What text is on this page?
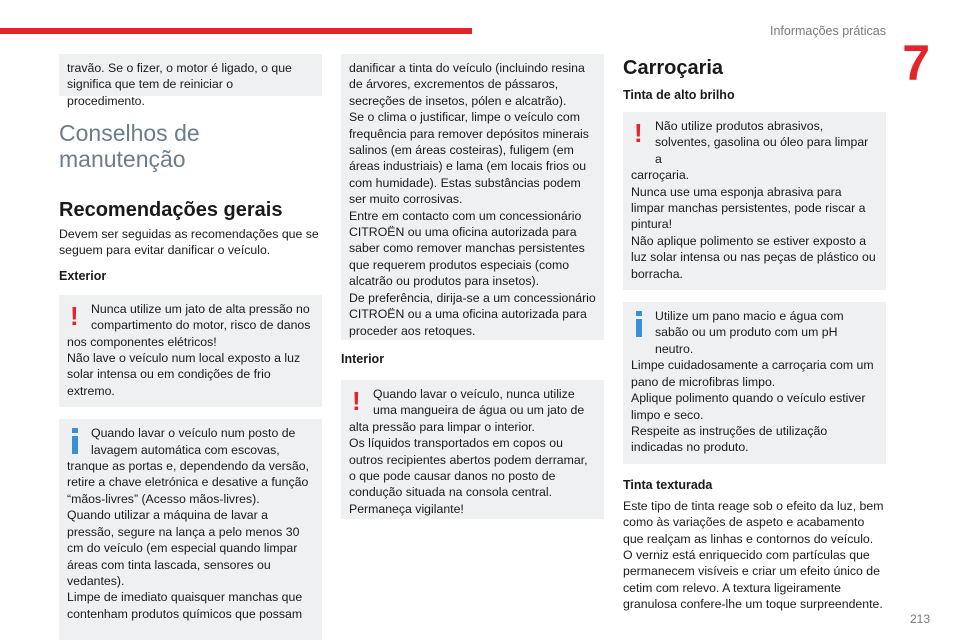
Informações práticas
7
213
travão. Se o fizer, o motor é ligado, o que significa que tem de reiniciar o procedimento.
Conselhos de
manutenção
Recomendações gerais
Devem ser seguidas as recomendações que se seguem para evitar danificar o veículo.
Exterior
!	Nunca utilize um jato de alta pressão no compartimento do motor, risco de danos
nos componentes elétricos!
Não lave o veículo num local exposto a luz solar intensa ou em condições de frio extremo.
Quando lavar o veículo num posto de lavagem automática com escovas,
tranque as portas e, dependendo da versão, retire a chave eletrónica e desative a função “mãos-livres” (Acesso mãos-livres).
Quando utilizar a máquina de lavar a pressão, segure na lança a pelo menos 30 cm do veículo (em especial quando limpar áreas com tinta lascada, sensores ou vedantes).
Limpe de imediato quaisquer manchas que contenham produtos químicos que possam
danificar a tinta do veículo (incluindo resina de árvores, excrementos de pássaros, secreções de insetos, pólen e alcatrão).
Se o clima o justificar, limpe o veículo com frequência para remover depósitos minerais salinos (em áreas costeiras), fuligem (em áreas industriais) e lama (em locais frios ou com humidade). Estas substâncias podem ser muito corrosivas.
Entre em contacto com um concessionário CITROËN ou uma oficina autorizada para saber como remover manchas persistentes que requerem produtos especiais (como alcatrão ou produtos para insetos).
De preferência, dirija-se a um concessionário CITROËN ou a uma oficina autorizada para proceder aos retoques.
Interior
!	Quando lavar o veículo, nunca utilize uma mangueira de água ou um jato de
alta pressão para limpar o interior.
Os líquidos transportados em copos ou outros recipientes abertos podem derramar, o que pode causar danos no posto de condução situada na consola central.
Permaneça vigilante!
Carroçaria
Tinta de alto brilho
!	Não utilize produtos abrasivos, solventes, gasolina ou óleo para limpar a
carroçaria.
Nunca use uma esponja abrasiva para limpar manchas persistentes, pode riscar a pintura!
Não aplique polimento se estiver exposto a luz solar intensa ou nas peças de plástico ou borracha.
Utilize um pano macio e água com sabão ou um produto com um pH neutro.
Limpe cuidadosamente a carroçaria com um pano de microfibras limpo.
Aplique polimento quando o veículo estiver limpo e seco.
Respeite as instruções de utilização indicadas no produto.
Tinta texturada
Este tipo de tinta reage sob o efeito da luz, bem como às variações de aspeto e acabamento que realçam as linhas e contornos do veículo.
O verniz está enriquecido com partículas que permanecem visíveis e criar um efeito único de cetim com relevo. A textura ligeiramente granulosa confere-lhe um toque surpreendente.
